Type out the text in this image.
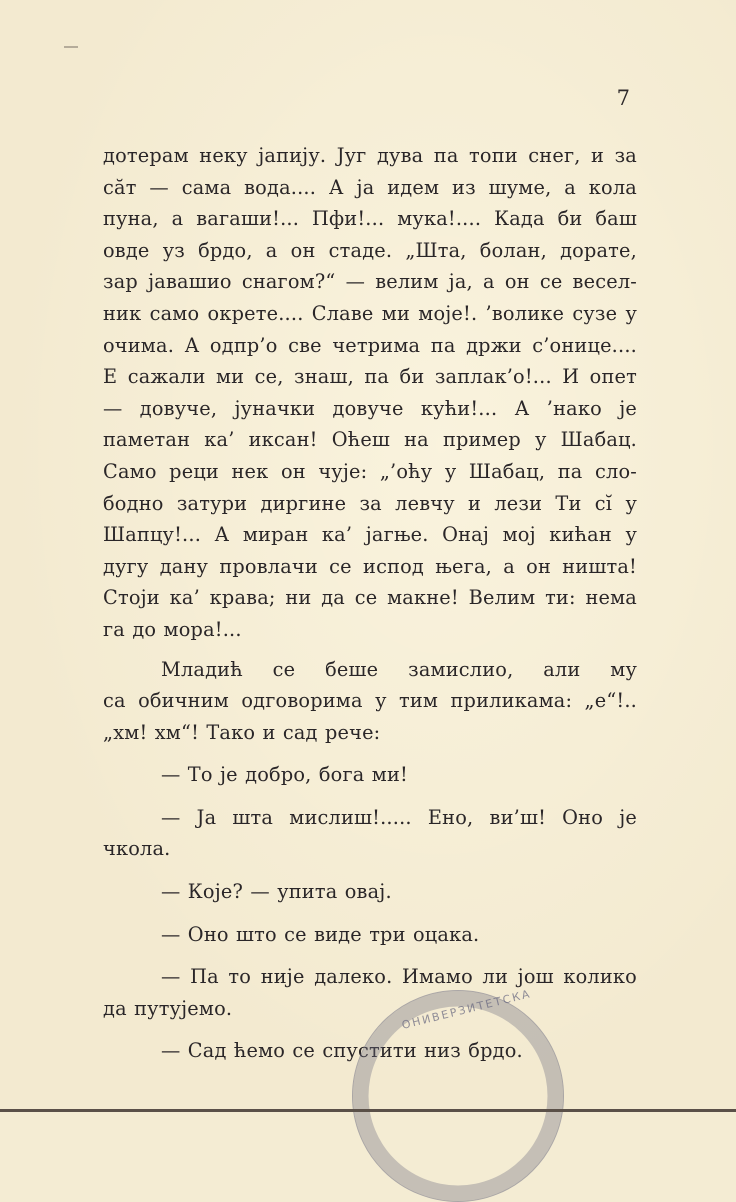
7
дотерам неку јапију. Југ дува па топи снег, и за
сăт — сама вода.... А ја идем из шуме, а кола
пуна, а вагаши!... Пфи!... мука!.... Када би баш
овде уз брдо, а он стаде. „Шта, болан, дорате,
зар јавашио снагом?“ — велим ја, а он се весел-
ник само окрете.... Славе ми моје!. ’волике сузе у
очима. А одпр’о све четрима па држи с’онице....
Е сажали ми се, знаш, па би заплак’о!... И опет
— довуче, јуначки довуче кући!... А ’нако је
паметан ка’ иксан! Оћеш на пример у Шабац.
Само реци нек он чује: „’оћу у Шабац, па сло-
бодно затури диргине за левчу и лези Ти сĭ у
Шапцу!... А миран ка’ јагње. Онај мој кићан у
дугу дану провлачи се испод њега, а он ништа!
Стоји ка’ крава; ни да се макне! Велим ти: нема
га до мора!...
Младић се беше замислио, али му
са обичним одговорима у тим приликама: „е“!..
„хм! хм“! Тако и сад рече:
— То је добро, бога ми!
— Ја шта мислиш!..... Ено, ви’ш! Оно је
чкола.
— Које? — упита овај.
— Оно што се виде три оцака.
— Па то није далеко. Имамо ли још колико
да путујемо.
— Сад ћемо се спустити низ брдо.
ОНИВЕРЗИТЕТСКА
